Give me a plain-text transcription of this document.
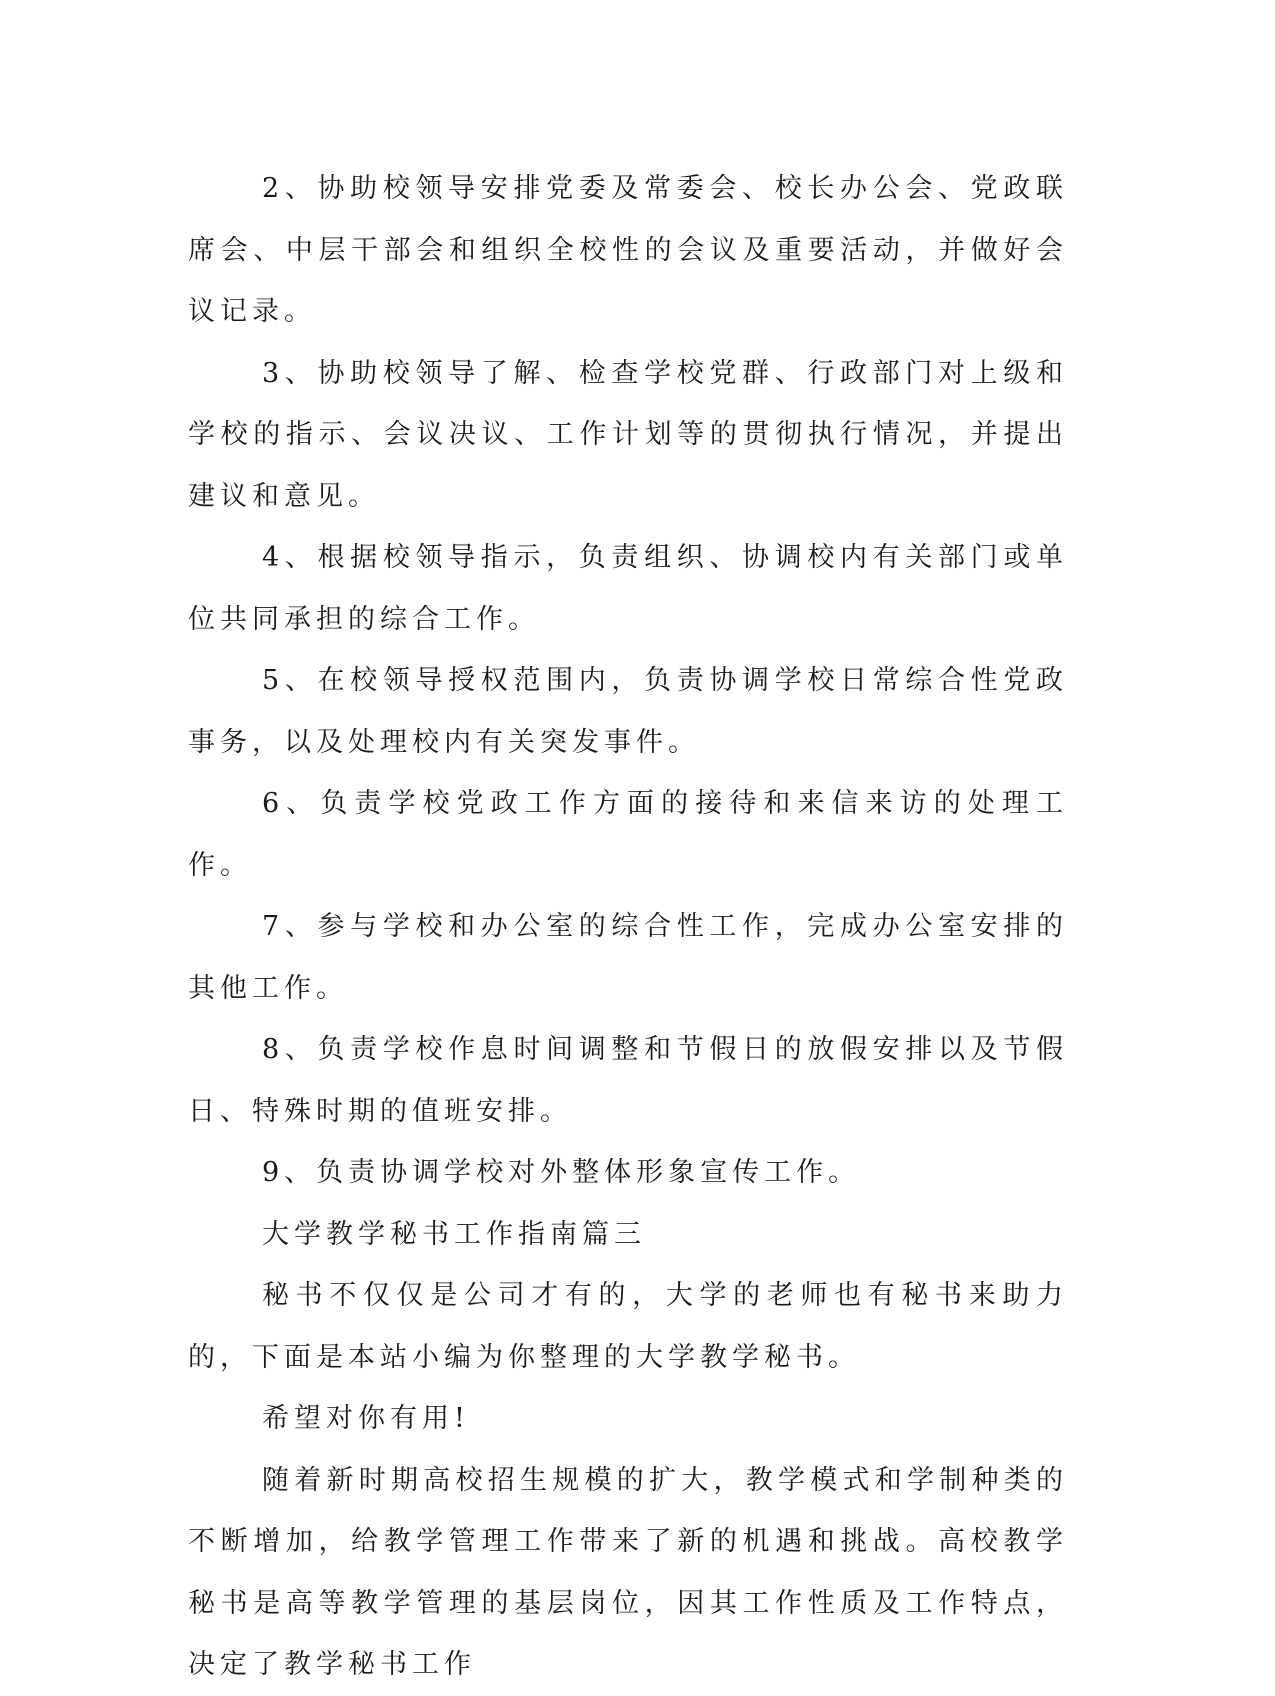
2、协助校领导安排党委及常委会、校长办公会、党政联席会、中层干部会和组织全校性的会议及重要活动，并做好会议记录。

3、协助校领导了解、检查学校党群、行政部门对上级和学校的指示、会议决议、工作计划等的贯彻执行情况，并提出建议和意见。

4、根据校领导指示，负责组织、协调校内有关部门或单位共同承担的综合工作。

5、在校领导授权范围内，负责协调学校日常综合性党政事务，以及处理校内有关突发事件。

6、负责学校党政工作方面的接待和来信来访的处理工作。

7、参与学校和办公室的综合性工作，完成办公室安排的其他工作。

8、负责学校作息时间调整和节假日的放假安排以及节假日、特殊时期的值班安排。

9、负责协调学校对外整体形象宣传工作。

大学教学秘书工作指南篇三

秘书不仅仅是公司才有的，大学的老师也有秘书来助力的，下面是本站小编为你整理的大学教学秘书。

希望对你有用!

随着新时期高校招生规模的扩大，教学模式和学制种类的不断增加，给教学管理工作带来了新的机遇和挑战。高校教学秘书是高等教学管理的基层岗位，因其工作性质及工作特点，决定了教学秘书工作
